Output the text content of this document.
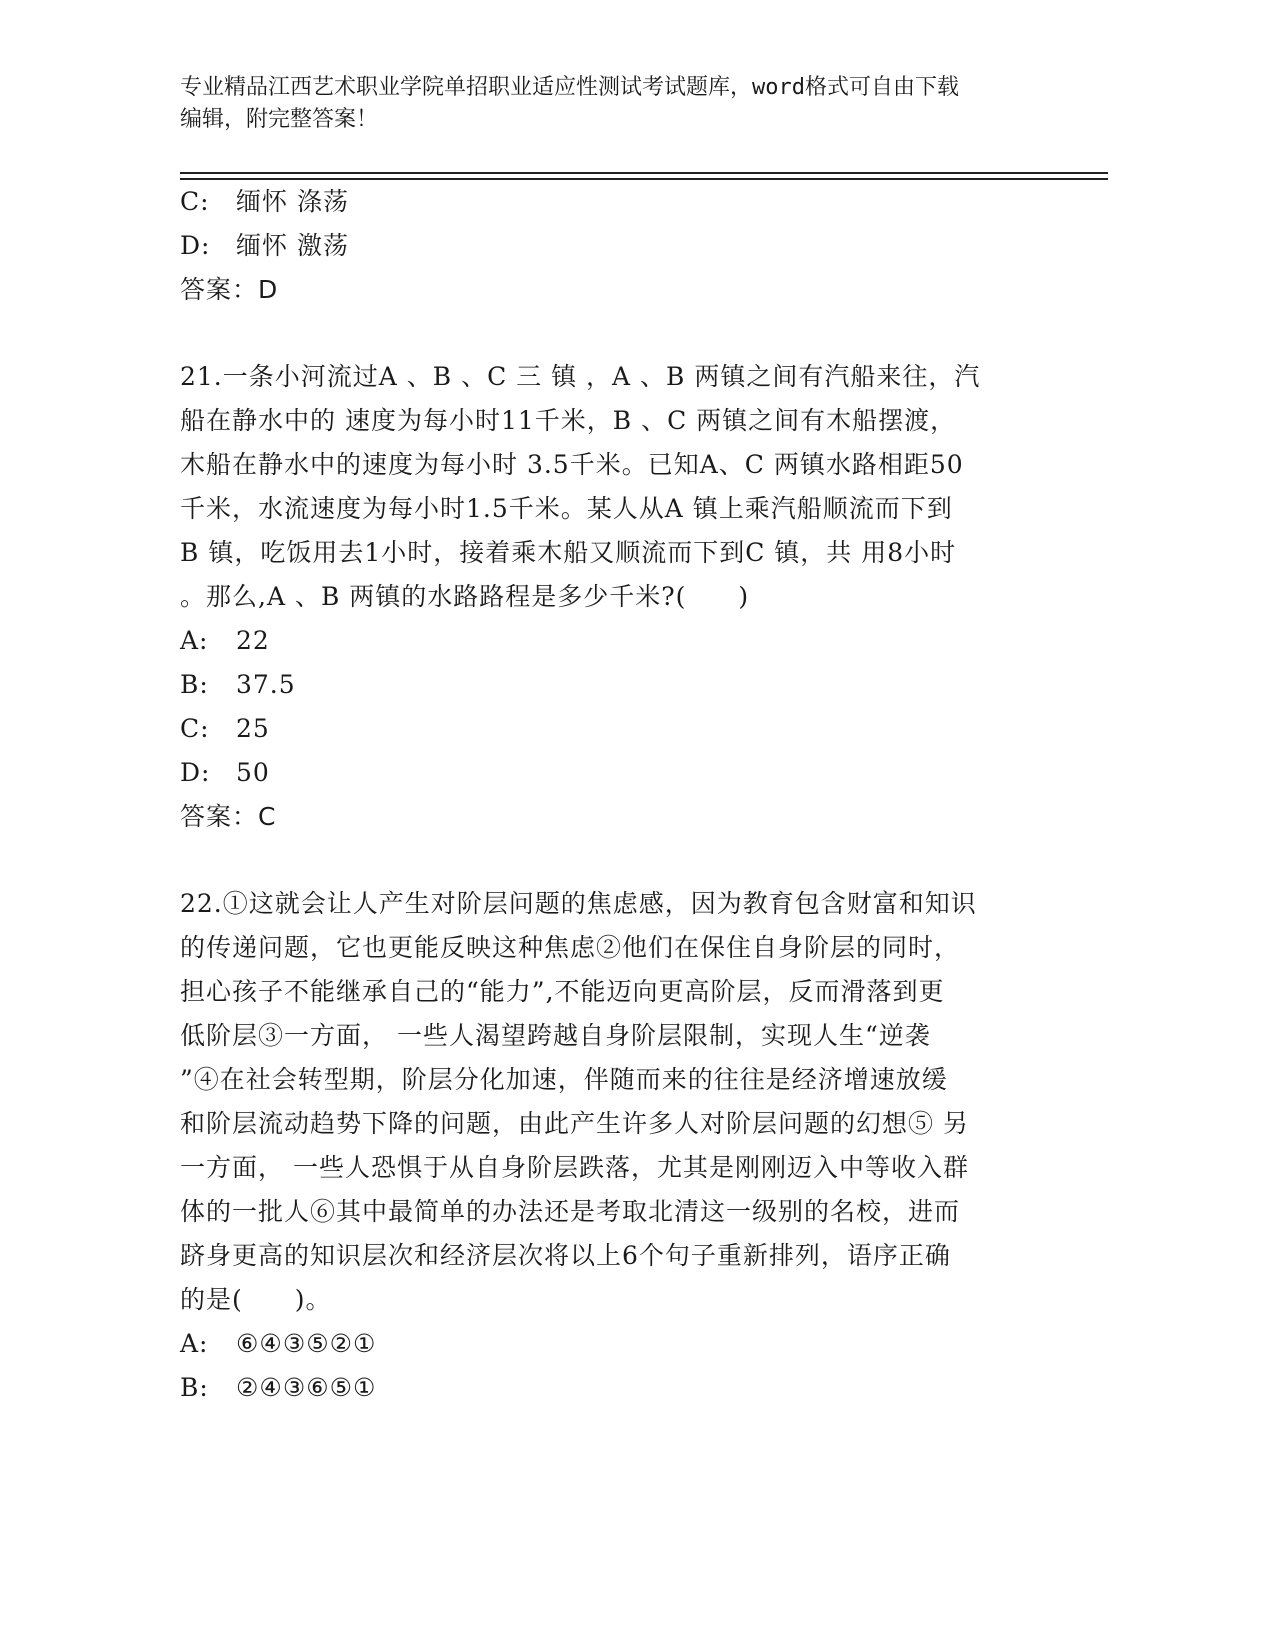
专业精品江西艺术职业学院单招职业适应性测试考试题库，word格式可自由下载
编辑，附完整答案！
C:	缅怀 涤荡
D:	缅怀 激荡
答案：D
21.一条小河流过A 、B 、C 三 镇 ，A 、B 两镇之间有汽船来往，汽
船在静水中的 速度为每小时11千米，B 、C 两镇之间有木船摆渡，
木船在静水中的速度为每小时 3.5千米。已知A、C 两镇水路相距50
千米，水流速度为每小时1.5千米。某人从A 镇上乘汽船顺流而下到
B 镇，吃饭用去1小时，接着乘木船又顺流而下到C 镇，共 用8小时
。那么,A 、B 两镇的水路路程是多少千米?(　　)
A:	22
B:	37.5
C:	25
D:	50
答案：C
22.①这就会让人产生对阶层问题的焦虑感，因为教育包含财富和知识
的传递问题，它也更能反映这种焦虑②他们在保住自身阶层的同时，
担心孩子不能继承自己的“能力”,不能迈向更高阶层，反而滑落到更
低阶层③一方面， 一些人渴望跨越自身阶层限制，实现人生“逆袭
”④在社会转型期，阶层分化加速，伴随而来的往往是经济增速放缓
和阶层流动趋势下降的问题，由此产生许多人对阶层问题的幻想⑤ 另
一方面， 一些人恐惧于从自身阶层跌落，尤其是刚刚迈入中等收入群
体的一批人⑥其中最简单的办法还是考取北清这一级别的名校，进而
跻身更高的知识层次和经济层次将以上6个句子重新排列，语序正确
的是(　　)。
A:	⑥④③⑤②①
B:	②④③⑥⑤①
